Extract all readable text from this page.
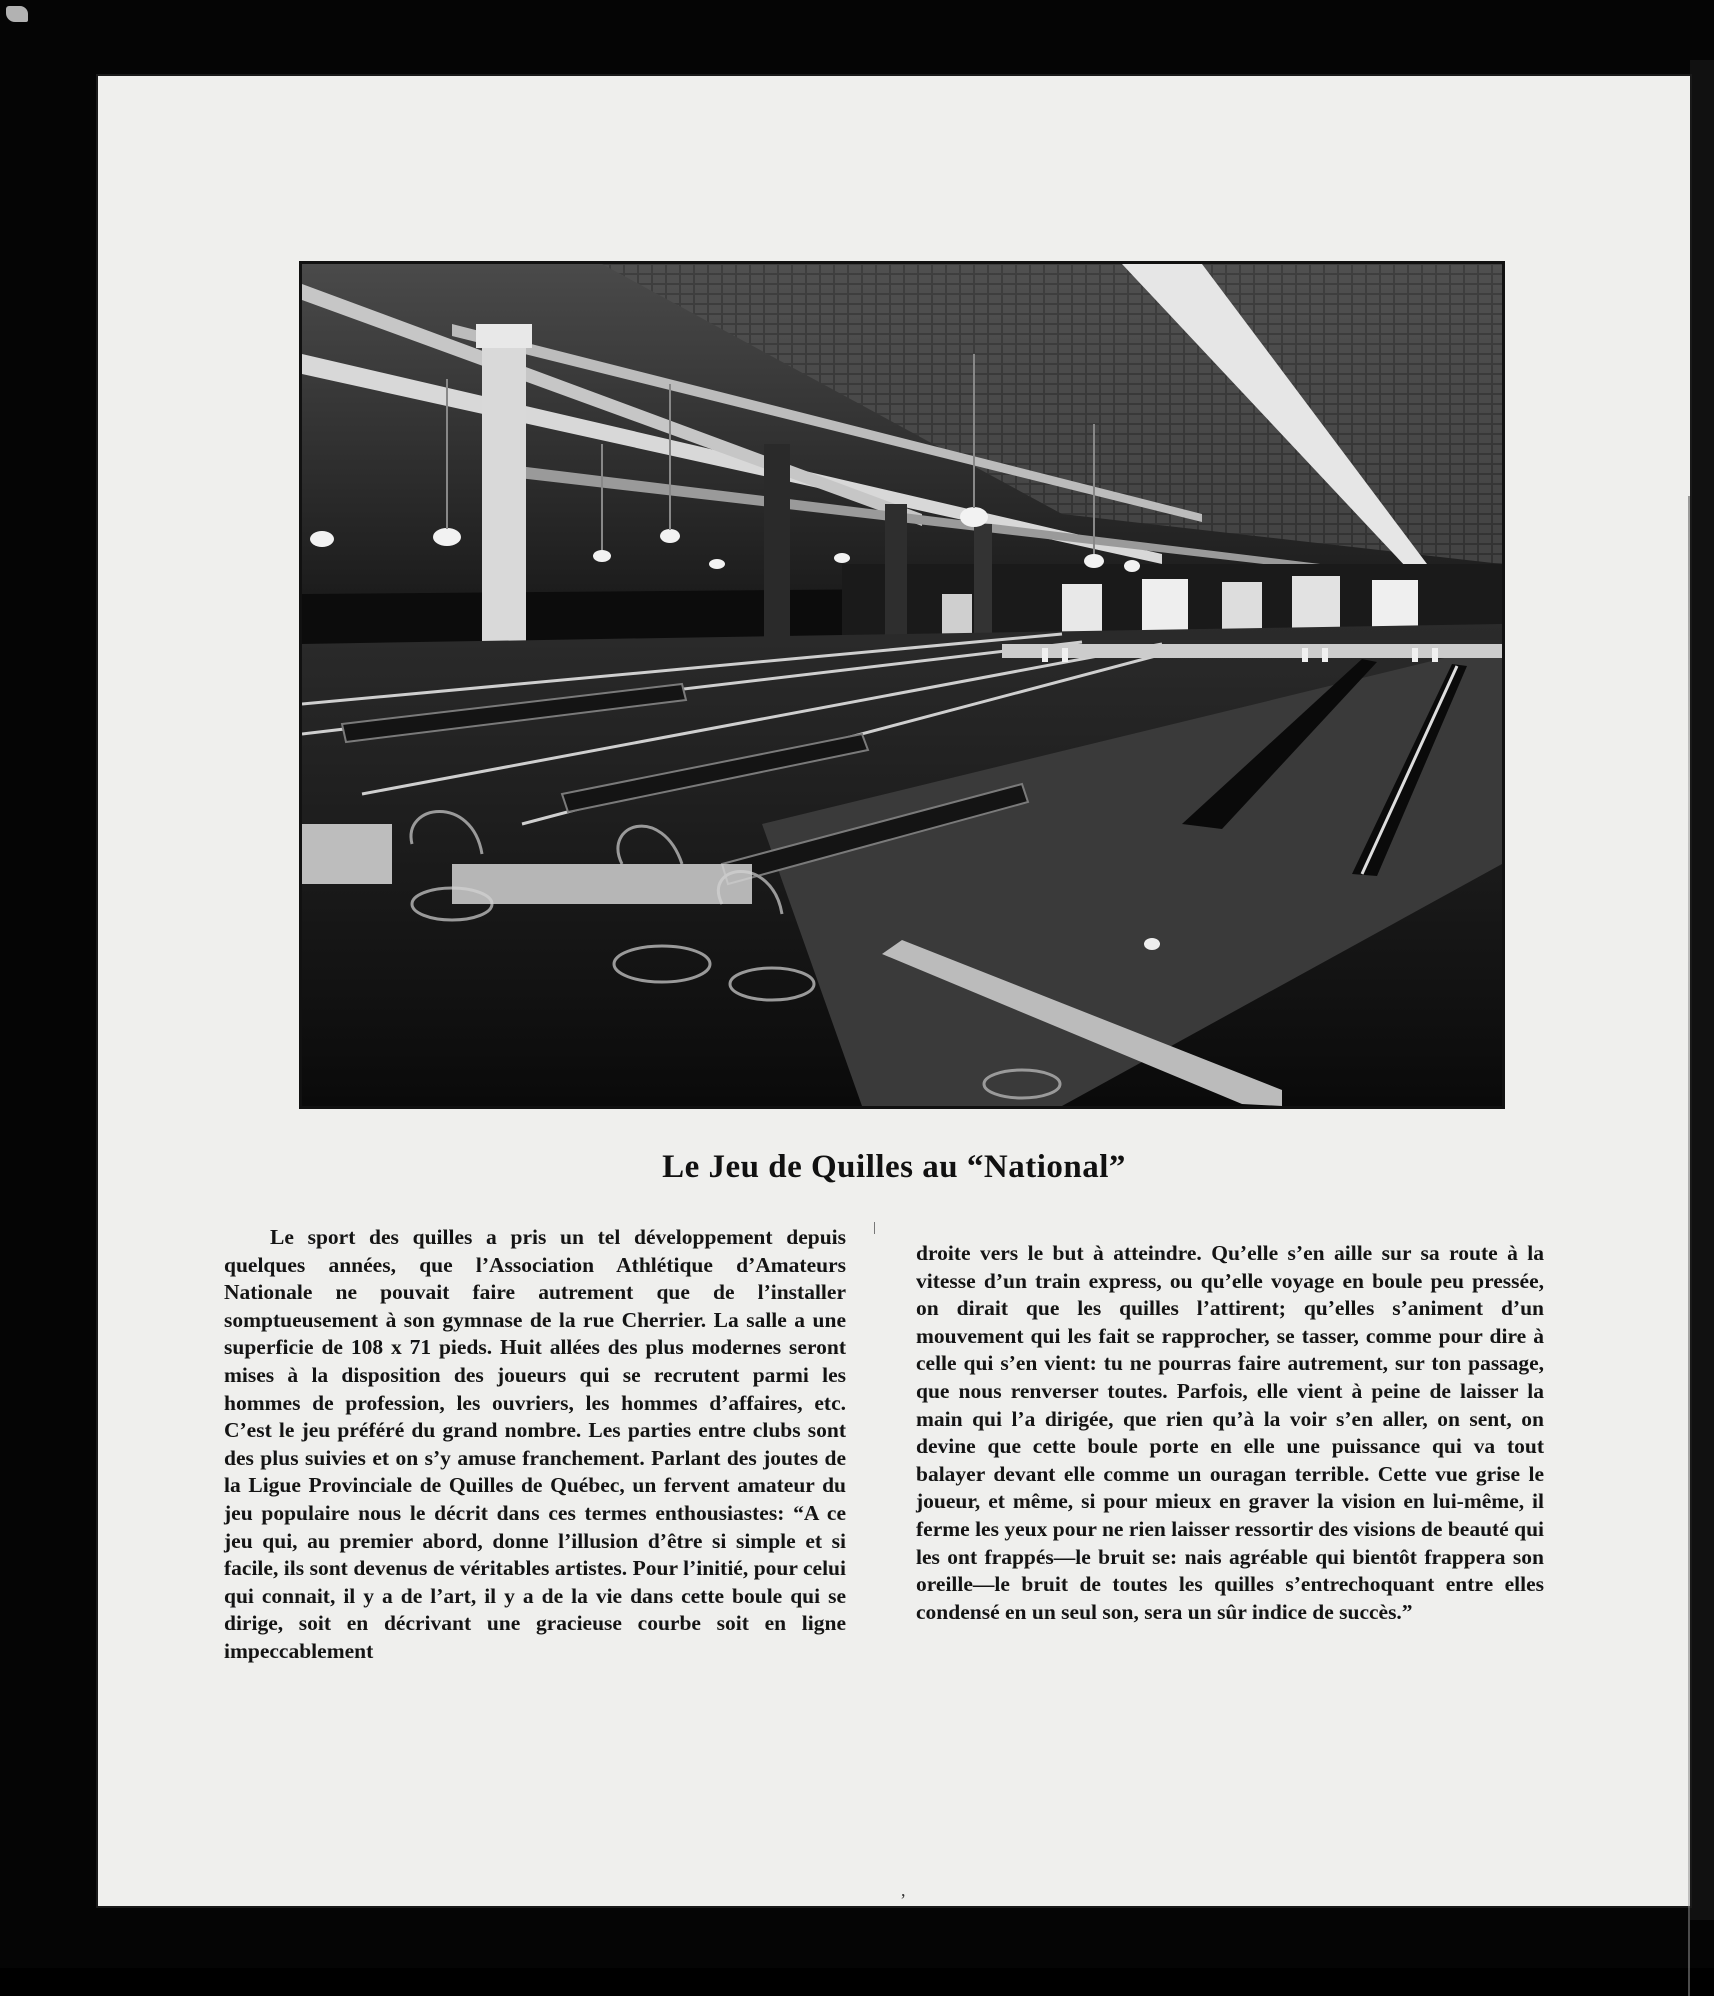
Le Jeu de Quilles au “National”

Le sport des quilles a pris un tel développement depuis quelques années, que l’Association Athlétique d’Amateurs Nationale ne pouvait faire autrement que de l’installer somptueusement à son gymnase de la rue Cherrier. La salle a une superficie de 108 x 71 pieds. Huit allées des plus modernes seront mises à la disposition des joueurs qui se recrutent parmi les hommes de profession, les ouvriers, les hommes d’affaires, etc. C’est le jeu préféré du grand nombre. Les parties entre clubs sont des plus suivies et on s’y amuse franchement. Parlant des joutes de la Ligue Provinciale de Quilles de Québec, un fervent amateur du jeu populaire nous le décrit dans ces termes enthousiastes: “A ce jeu qui, au premier abord, donne l’illusion d’être si simple et si facile, ils sont devenus de véritables artistes. Pour l’initié, pour celui qui connait, il y a de l’art, il y a de la vie dans cette boule qui se dirige, soit en décrivant une gracieuse courbe soit en ligne impeccablement

droite vers le but à atteindre. Qu’elle s’en aille sur sa route à la vitesse d’un train express, ou qu’elle voyage en boule peu pressée, on dirait que les quilles l’attirent; qu’elles s’animent d’un mouvement qui les fait se rapprocher, se tasser, comme pour dire à celle qui s’en vient: tu ne pourras faire autrement, sur ton passage, que nous renverser toutes. Parfois, elle vient à peine de laisser la main qui l’a dirigée, que rien qu’à la voir s’en aller, on sent, on devine que cette boule porte en elle une puissance qui va tout balayer devant elle comme un ouragan terrible. Cette vue grise le joueur, et même, si pour mieux en graver la vision en lui-même, il ferme les yeux pour ne rien laisser ressortir des visions de beauté qui les ont frappés—le bruit se: nais agréable qui bientôt frappera son oreille—le bruit de toutes les quilles s’entrechoquant entre elles condensé en un seul son, sera un sûr indice de succès.”

,
